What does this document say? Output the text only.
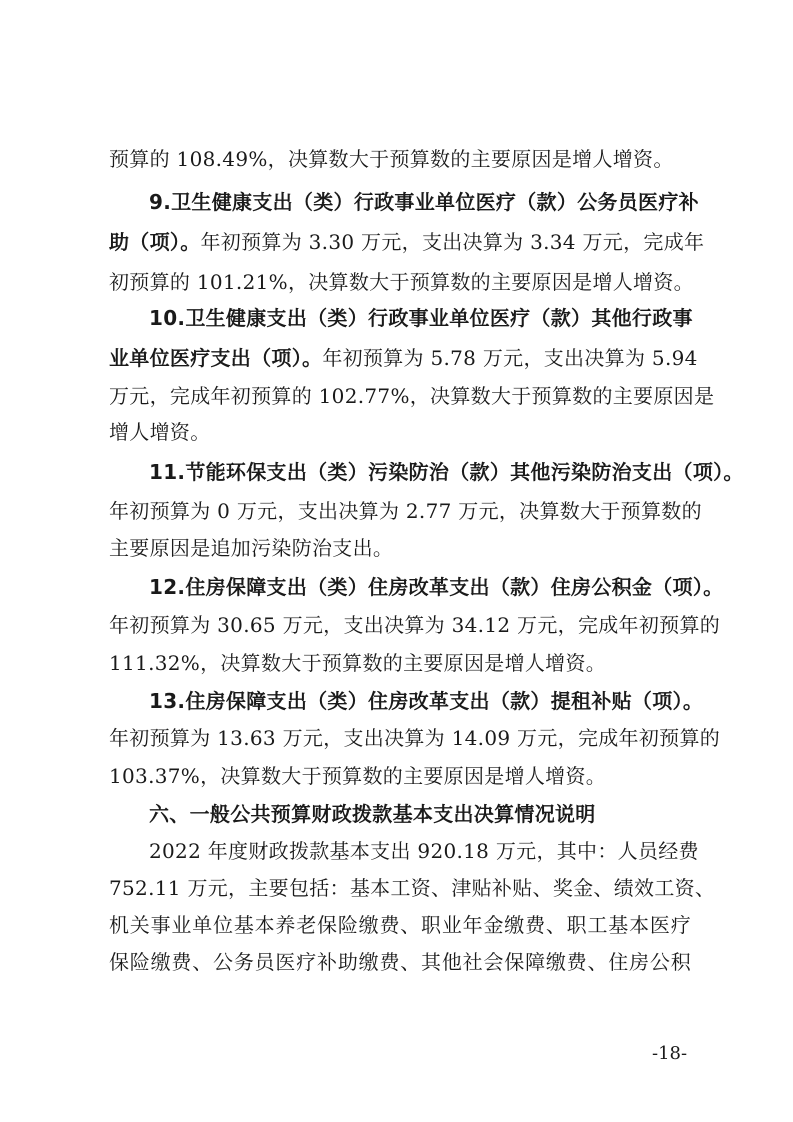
预算的 108.49%，决算数大于预算数的主要原因是增人增资。
9.卫生健康支出（类）行政事业单位医疗（款）公务员医疗补
助（项）。年初预算为 3.30 万元，支出决算为 3.34 万元，完成年
初预算的 101.21%，决算数大于预算数的主要原因是增人增资。
10.卫生健康支出（类）行政事业单位医疗（款）其他行政事
业单位医疗支出（项）。年初预算为 5.78 万元，支出决算为 5.94
万元，完成年初预算的 102.77%，决算数大于预算数的主要原因是
增人增资。
11.节能环保支出（类）污染防治（款）其他污染防治支出（项）。
年初预算为 0 万元，支出决算为 2.77 万元，决算数大于预算数的
主要原因是追加污染防治支出。
12.住房保障支出（类）住房改革支出（款）住房公积金（项）。
年初预算为 30.65 万元，支出决算为 34.12 万元，完成年初预算的
111.32%，决算数大于预算数的主要原因是增人增资。
13.住房保障支出（类）住房改革支出（款）提租补贴（项）。
年初预算为 13.63 万元，支出决算为 14.09 万元，完成年初预算的
103.37%，决算数大于预算数的主要原因是增人增资。
六、一般公共预算财政拨款基本支出决算情况说明
2022 年度财政拨款基本支出 920.18 万元，其中：人员经费
752.11 万元，主要包括：基本工资、津贴补贴、奖金、绩效工资、
机关事业单位基本养老保险缴费、职业年金缴费、职工基本医疗
保险缴费、公务员医疗补助缴费、其他社会保障缴费、住房公积
-18-
